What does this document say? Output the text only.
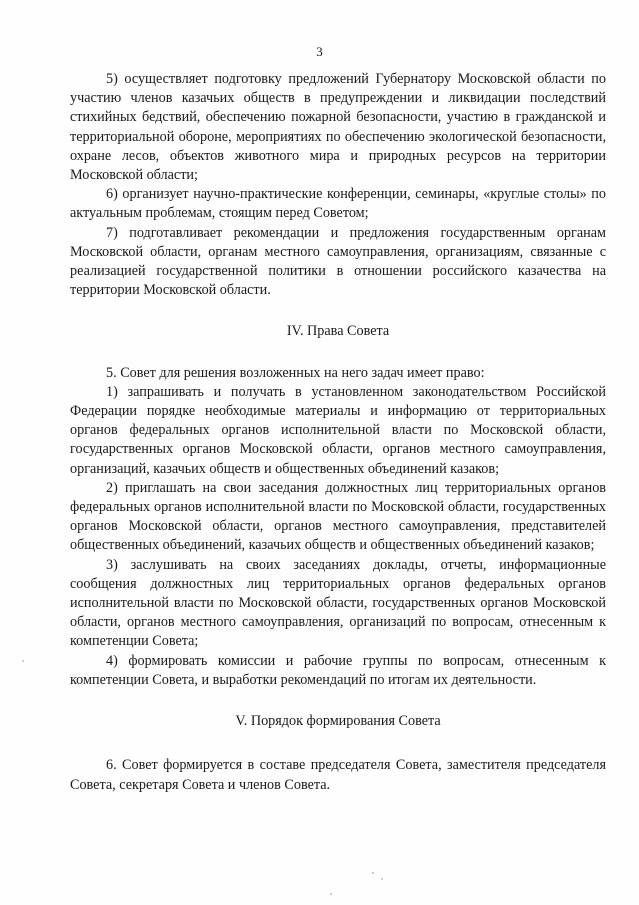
3

5) осуществляет подготовку предложений Губернатору Московской области по участию членов казачьих обществ в предупреждении и ликвидации последствий стихийных бедствий, обеспечению пожарной безопасности, участию в гражданской и территориальной обороне, мероприятиях по обеспечению экологической безопасности, охране лесов, объектов животного мира и природных ресурсов на территории Московской области;

6) организует научно-практические конференции, семинары, «круглые столы» по актуальным проблемам, стоящим перед Советом;

7) подготавливает рекомендации и предложения государственным органам Московской области, органам местного самоуправления, организациям, связанные с реализацией государственной политики в отношении российского казачества на территории Московской области.

IV. Права Совета

5. Совет для решения возложенных на него задач имеет право:

1) запрашивать и получать в установленном законодательством Российской Федерации порядке необходимые материалы и информацию от территориальных органов федеральных органов исполнительной власти по Московской области, государственных органов Московской области, органов местного самоуправления, организаций, казачьих обществ и общественных объединений казаков;

2) приглашать на свои заседания должностных лиц территориальных органов федеральных органов исполнительной власти по Московской области, государственных органов Московской области, органов местного самоуправления, представителей общественных объединений, казачьих обществ и общественных объединений казаков;

3) заслушивать на своих заседаниях доклады, отчеты, информационные сообщения должностных лиц территориальных органов федеральных органов исполнительной власти по Московской области, государственных органов Московской области, органов местного самоуправления, организаций по вопросам, отнесенным к компетенции Совета;

4) формировать комиссии и рабочие группы по вопросам, отнесенным к компетенции Совета, и выработки рекомендаций по итогам их деятельности.

V. Порядок формирования Совета

6. Совет формируется в составе председателя Совета, заместителя председателя Совета, секретаря Совета и членов Совета.
